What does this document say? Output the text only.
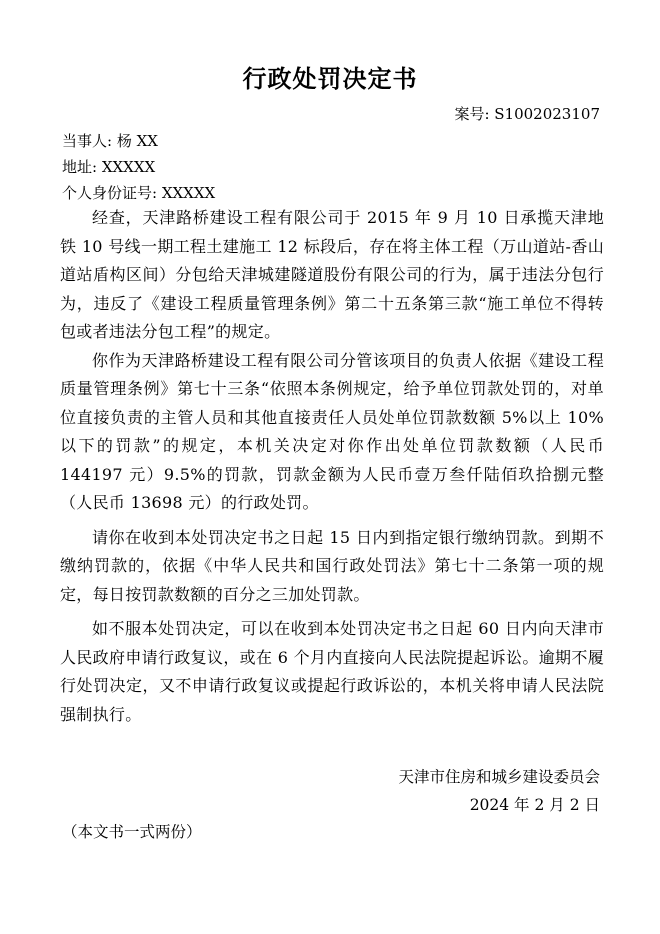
行政处罚决定书
案号: S1002023107
当事人: 杨 XX
地址: XXXXX
个人身份证号: XXXXX

经查，天津路桥建设工程有限公司于 2015 年 9 月 10 日承揽天津地铁 10 号线一期工程土建施工 12 标段后，存在将主体工程（万山道站-香山道站盾构区间）分包给天津城建隧道股份有限公司的行为，属于违法分包行为，违反了《建设工程质量管理条例》第二十五条第三款“施工单位不得转包或者违法分包工程”的规定。

你作为天津路桥建设工程有限公司分管该项目的负责人依据《建设工程质量管理条例》第七十三条“依照本条例规定，给予单位罚款处罚的，对单位直接负责的主管人员和其他直接责任人员处单位罚款数额 5%以上 10%以下的罚款”的规定，本机关决定对你作出处单位罚款数额（人民币 144197 元）9.5%的罚款，罚款金额为人民币壹万叁仟陆佰玖拾捌元整（人民币 13698 元）的行政处罚。

请你在收到本处罚决定书之日起 15 日内到指定银行缴纳罚款。到期不缴纳罚款的，依据《中华人民共和国行政处罚法》第七十二条第一项的规定，每日按罚款数额的百分之三加处罚款。

如不服本处罚决定，可以在收到本处罚决定书之日起 60 日内向天津市人民政府申请行政复议，或在 6 个月内直接向人民法院提起诉讼。逾期不履行处罚决定，又不申请行政复议或提起行政诉讼的，本机关将申请人民法院强制执行。

天津市住房和城乡建设委员会
2024 年 2 月 2 日
（本文书一式两份）
